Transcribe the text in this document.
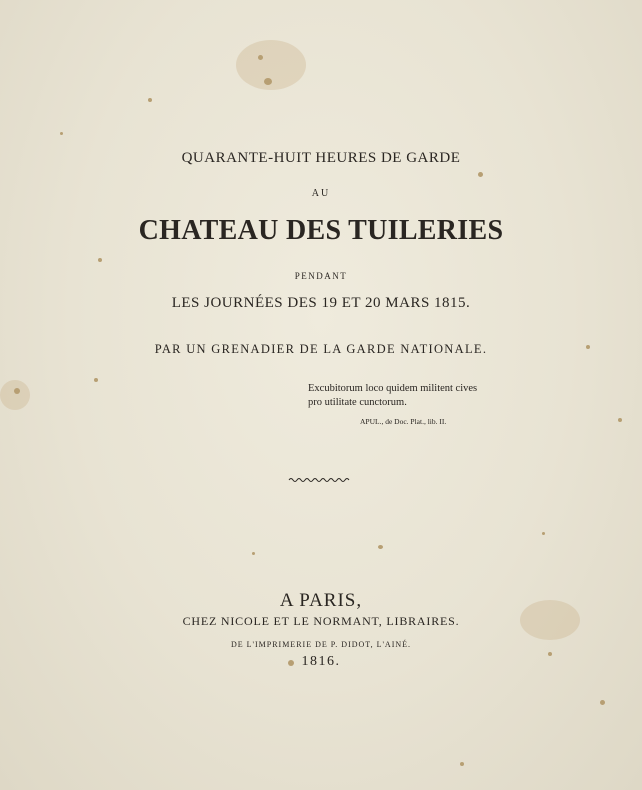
QUARANTE-HUIT HEURES DE GARDE
AU
CHATEAU DES TUILERIES
PENDANT
LES JOURNÉES DES 19 ET 20 MARS 1815.
PAR UN GRENADIER DE LA GARDE NATIONALE.
Excubitorum loco quidem militent cives
pro utilitate cunctorum.
APUL., de Doc. Plat., lib. II.
A PARIS,
CHEZ NICOLE ET LE NORMANT, LIBRAIRES.
DE L'IMPRIMERIE DE P. DIDOT, L'AINÉ.
1816.
